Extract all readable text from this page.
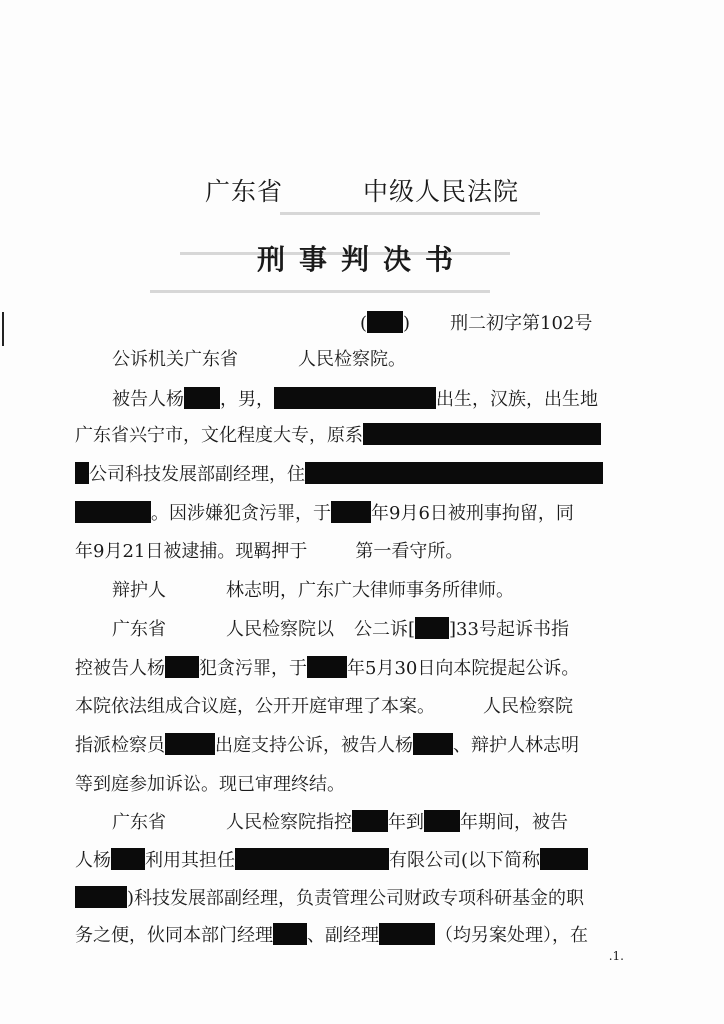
广东省	中级人民法院
刑事判决书
( ) 刑二初字第102号
公诉机关广东省	人民检察院。
被告人杨 ，男，	出生，汉族，出生地
广东省兴宁市，文化程度大专，原系
公司科技发展部副经理，住
。因涉嫌犯贪污罪，于 年9月6日被刑事拘留，同
年9月21日被逮捕。现羁押于	第一看守所。
辩护人	林志明，广东广大律师事务所律师。
广东省	人民检察院以 公二诉[ ]33号起诉书指
控被告人杨 犯贪污罪，于 年5月30日向本院提起公诉。
本院依法组成合议庭，公开开庭审理了本案。	人民检察院
指派检察员	出庭支持公诉，被告人杨 、辩护人林志明
等到庭参加诉讼。现已审理终结。
广东省	人民检察院指控 年到 年期间，被告
人杨 利用其担任	有限公司(以下简称
)科技发展部副经理，负责管理公司财政专项科研基金的职
务之便，伙同本部门经理 、副经理	（均另案处理），在
.1.
